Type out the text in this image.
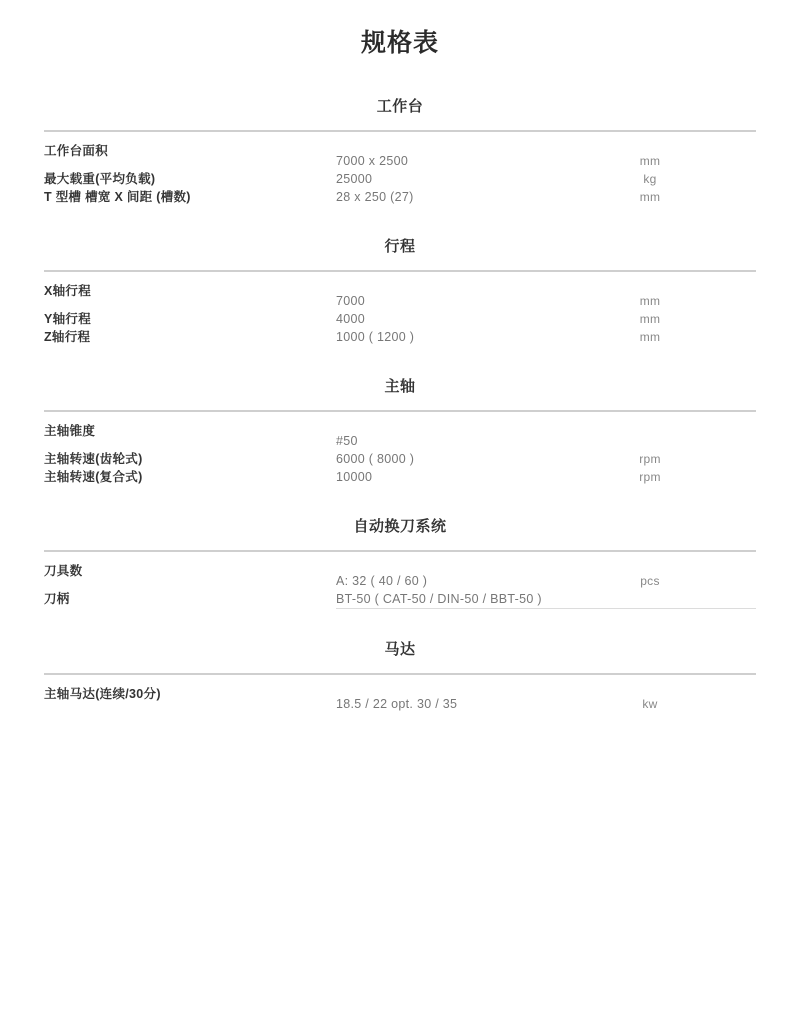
规格表
工作台
工作台面积	7000 x 2500	mm
最大载重(平均负载)	25000	kg
T 型槽 槽宽 X 间距 (槽数)	28 x 250 (27)	mm
行程
X轴行程	7000	mm
Y轴行程	4000	mm
Z轴行程	1000 ( 1200 )	mm
主轴
主轴锥度	#50	
主轴转速(齿轮式)	6000 ( 8000 )	rpm
主轴转速(复合式)	10000	rpm
自动换刀系统
刀具数	A: 32 ( 40 / 60 )	pcs
刀柄	BT-50 ( CAT-50 / DIN-50 / BBT-50 )	
马达
主轴马达(连续/30分)	18.5 / 22 opt. 30 / 35	kw
